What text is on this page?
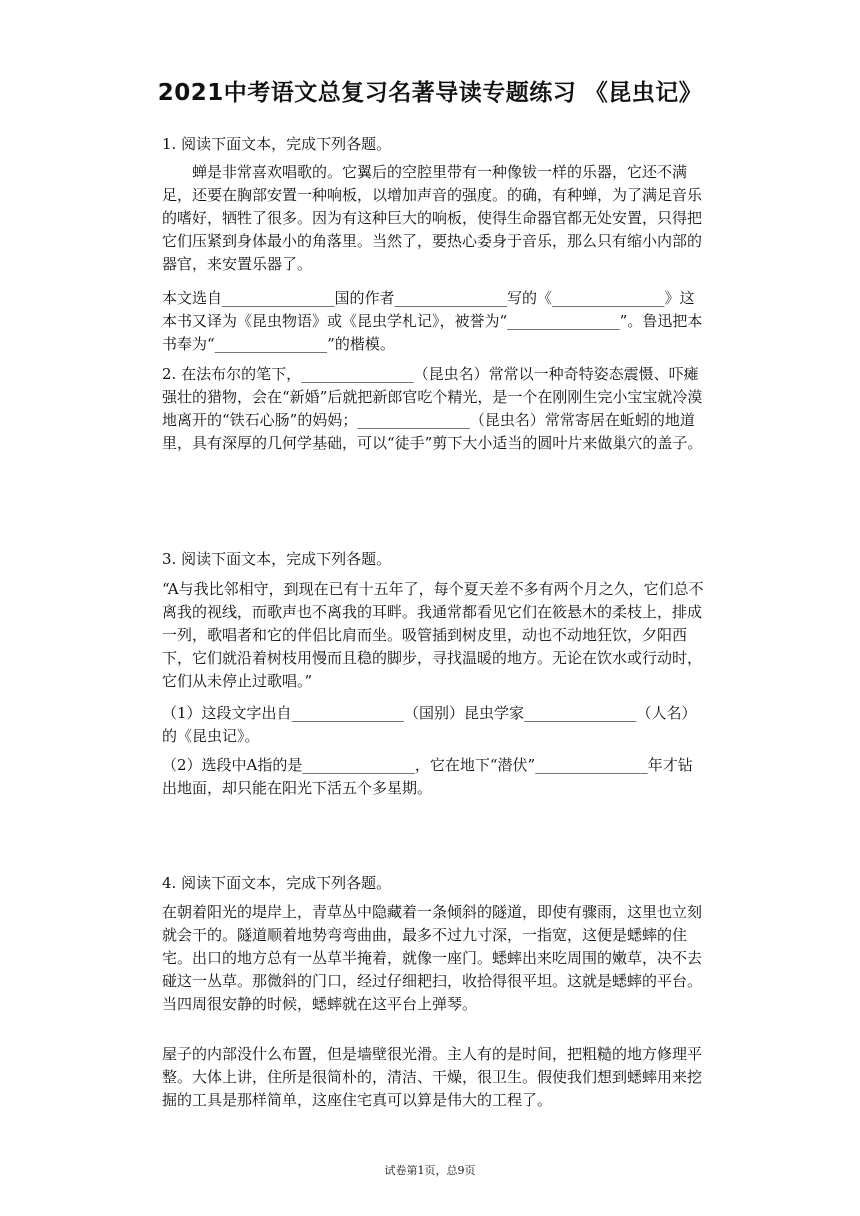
2021中考语文总复习名著导读专题练习 《昆虫记》
1. 阅读下面文本，完成下列各题。

蝉是非常喜欢唱歌的。它翼后的空腔里带有一种像钹一样的乐器，它还不满足，还要在胸部安置一种响板，以增加声音的强度。的确，有种蝉，为了满足音乐的嗜好，牺牲了很多。因为有这种巨大的响板，使得生命器官都无处安置，只得把它们压紧到身体最小的角落里。当然了，要热心委身于音乐，那么只有缩小内部的器官，来安置乐器了。

本文选自_______________国的作者_______________写的《_______________》这本书又译为《昆虫物语》或《昆虫学札记》，被誉为“_______________”。鲁迅把本书奉为“_______________”的楷模。

2. 在法布尔的笔下，_______________（昆虫名）常常以一种奇特姿态震慑、吓瘫强壮的猎物，会在“新婚”后就把新郎官吃个精光，是一个在刚刚生完小宝宝就冷漠地离开的“铁石心肠”的妈妈；_______________（昆虫名）常常寄居在蚯蚓的地道里，具有深厚的几何学基础，可以“徒手”剪下大小适当的圆叶片来做巢穴的盖子。

3. 阅读下面文本，完成下列各题。

“A与我比邻相守，到现在已有十五年了，每个夏天差不多有两个月之久，它们总不离我的视线，而歌声也不离我的耳畔。我通常都看见它们在筱悬木的柔枝上，排成一列，歌唱者和它的伴侣比肩而坐。吸管插到树皮里，动也不动地狂饮，夕阳西下，它们就沿着树枝用慢而且稳的脚步，寻找温暖的地方。无论在饮水或行动时，它们从未停止过歌唱。”

（1）这段文字出自_______________（国别）昆虫学家_______________（人名）的《昆虫记》。

（2）选段中A指的是_______________，它在地下“潜伏”_______________年才钻出地面，却只能在阳光下活五个多星期。

4. 阅读下面文本，完成下列各题。

在朝着阳光的堤岸上，青草丛中隐藏着一条倾斜的隧道，即使有骤雨，这里也立刻就会干的。隧道顺着地势弯弯曲曲，最多不过九寸深，一指宽，这便是蟋蟀的住宅。出口的地方总有一丛草半掩着，就像一座门。蟋蟀出来吃周围的嫩草，决不去碰这一丛草。那微斜的门口，经过仔细耙扫，收拾得很平坦。这就是蟋蟀的平台。当四周很安静的时候，蟋蟀就在这平台上弹琴。

屋子的内部没什么布置，但是墙壁很光滑。主人有的是时间，把粗糙的地方修理平整。大体上讲，住所是很简朴的，清洁、干燥，很卫生。假使我们想到蟋蟀用来挖掘的工具是那样简单，这座住宅真可以算是伟大的工程了。

试卷第1页，总9页
